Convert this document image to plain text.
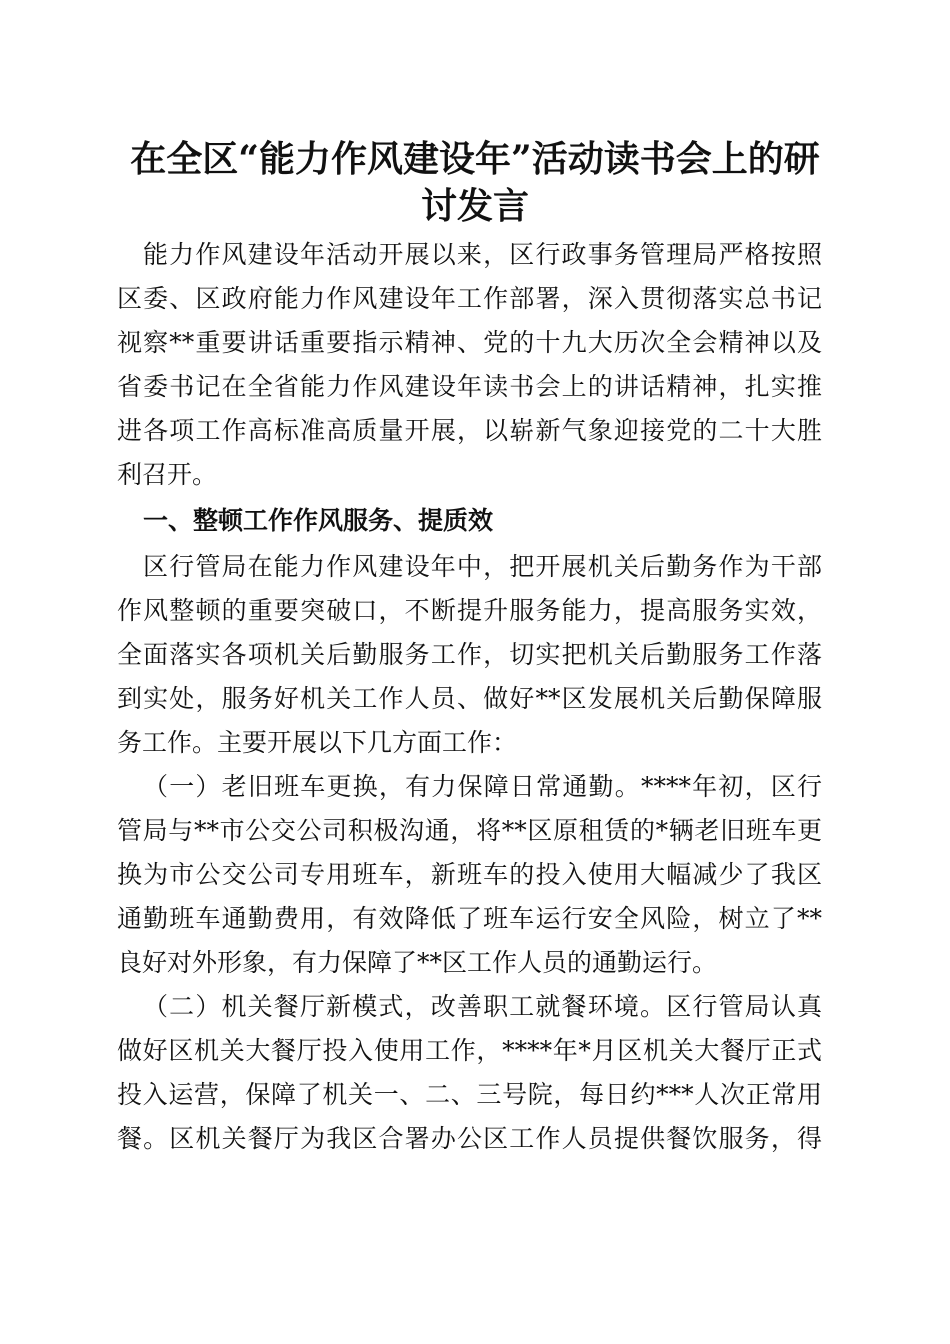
在全区“能力作风建设年”活动读书会上的研
讨发言
能力作风建设年活动开展以来，区行政事务管理局严格按照
区委、区政府能力作风建设年工作部署，深入贯彻落实总书记
视察**重要讲话重要指示精神、党的十九大历次全会精神以及
省委书记在全省能力作风建设年读书会上的讲话精神，扎实推
进各项工作高标准高质量开展，以崭新气象迎接党的二十大胜
利召开。
一、整顿工作作风服务、提质效
区行管局在能力作风建设年中，把开展机关后勤务作为干部
作风整顿的重要突破口，不断提升服务能力，提高服务实效，
全面落实各项机关后勤服务工作，切实把机关后勤服务工作落
到实处，服务好机关工作人员、做好**区发展机关后勤保障服
务工作。主要开展以下几方面工作：
（一）老旧班车更换，有力保障日常通勤。****年初，区行
管局与**市公交公司积极沟通，将**区原租赁的*辆老旧班车更
换为市公交公司专用班车，新班车的投入使用大幅减少了我区
通勤班车通勤费用，有效降低了班车运行安全风险，树立了**
良好对外形象，有力保障了**区工作人员的通勤运行。
（二）机关餐厅新模式，改善职工就餐环境。区行管局认真
做好区机关大餐厅投入使用工作，****年*月区机关大餐厅正式
投入运营，保障了机关一、二、三号院，每日约***人次正常用
餐。区机关餐厅为我区合署办公区工作人员提供餐饮服务，得
